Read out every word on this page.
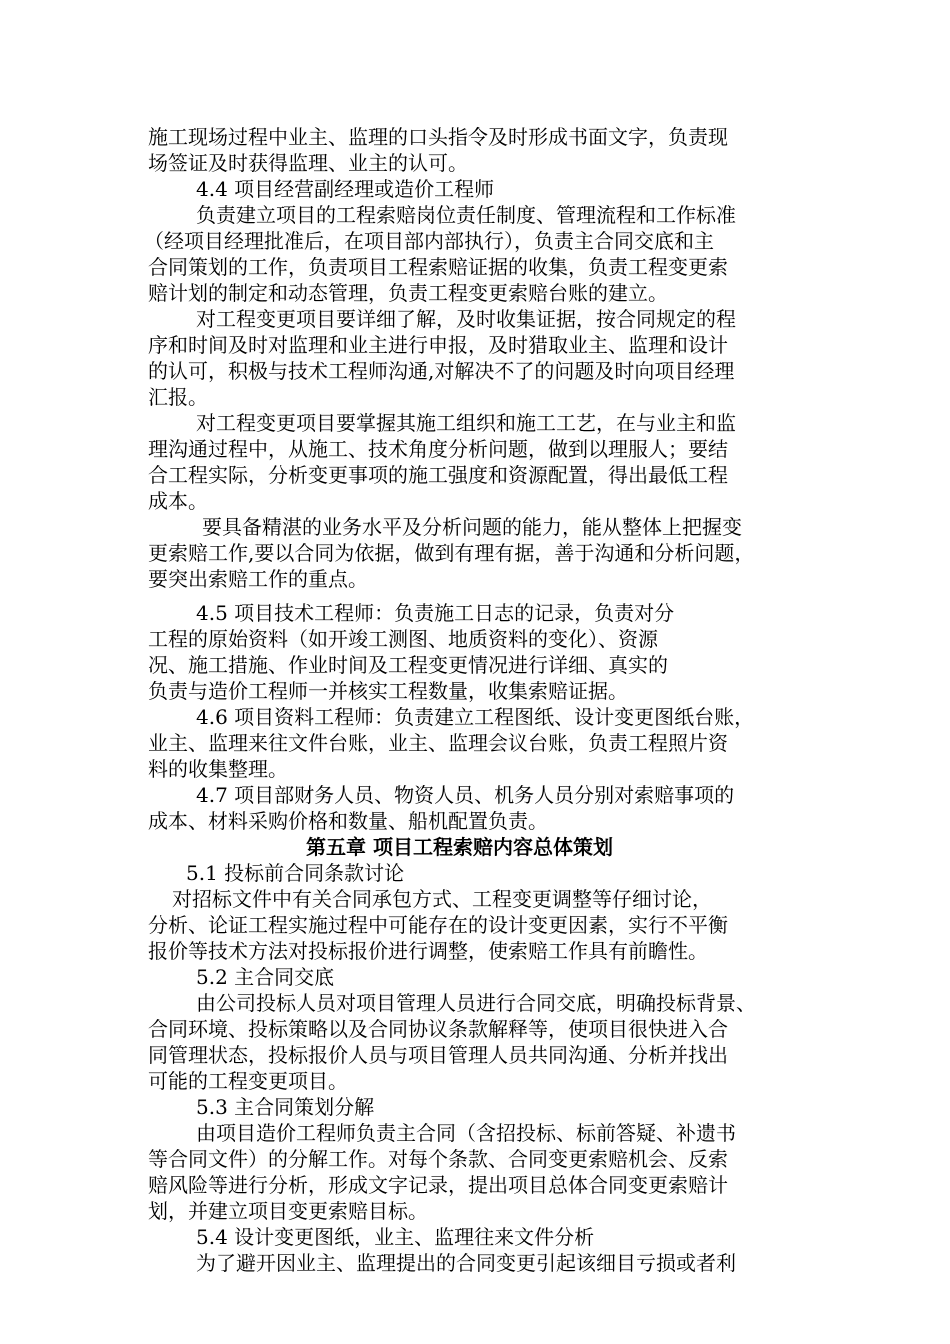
施工现场过程中业主、监理的口头指令及时形成书面文字，负责现

场签证及时获得监理、业主的认可。

4.4 项目经营副经理或造价工程师

负责建立项目的工程索赔岗位责任制度、管理流程和工作标准

（经项目经理批准后，在项目部内部执行），负责主合同交底和主

合同策划的工作，负责项目工程索赔证据的收集，负责工程变更索

赔计划的制定和动态管理，负责工程变更索赔台账的建立。

对工程变更项目要详细了解，及时收集证据，按合同规定的程

序和时间及时对监理和业主进行申报，及时猎取业主、监理和设计

的认可，积极与技术工程师沟通,对解决不了的问题及时向项目经理

汇报。

对工程变更项目要掌握其施工组织和施工工艺，在与业主和监

理沟通过程中，从施工、技术角度分析问题，做到以理服人；要结

合工程实际，分析变更事项的施工强度和资源配置，得出最低工程

成本。

要具备精湛的业务水平及分析问题的能力，能从整体上把握变

更索赔工作,要以合同为依据，做到有理有据，善于沟通和分析问题，

要突出索赔工作的重点。

4.5 项目技术工程师：负责施工日志的记录，负责对分

工程的原始资料（如开竣工测图、地质资料的变化）、资源

况、施工措施、作业时间及工程变更情况进行详细、真实的

负责与造价工程师一并核实工程数量，收集索赔证据。

4.6 项目资料工程师：负责建立工程图纸、设计变更图纸台账，

业主、监理来往文件台账，业主、监理会议台账，负责工程照片资

料的收集整理。

4.7 项目部财务人员、物资人员、机务人员分别对索赔事项的

成本、材料采购价格和数量、船机配置负责。

第五章 项目工程索赔内容总体策划

5.1 投标前合同条款讨论

对招标文件中有关合同承包方式、工程变更调整等仔细讨论，

分析、论证工程实施过程中可能存在的设计变更因素，实行不平衡

报价等技术方法对投标报价进行调整，使索赔工作具有前瞻性。

5.2 主合同交底

由公司投标人员对项目管理人员进行合同交底，明确投标背景、

合同环境、投标策略以及合同协议条款解释等，使项目很快进入合

同管理状态，投标报价人员与项目管理人员共同沟通、分析并找出

可能的工程变更项目。

5.3 主合同策划分解

由项目造价工程师负责主合同（含招投标、标前答疑、补遗书

等合同文件）的分解工作。对每个条款、合同变更索赔机会、反索

赔风险等进行分析，形成文字记录，提出项目总体合同变更索赔计

划，并建立项目变更索赔目标。

5.4 设计变更图纸，业主、监理往来文件分析

为了避开因业主、监理提出的合同变更引起该细目亏损或者利
